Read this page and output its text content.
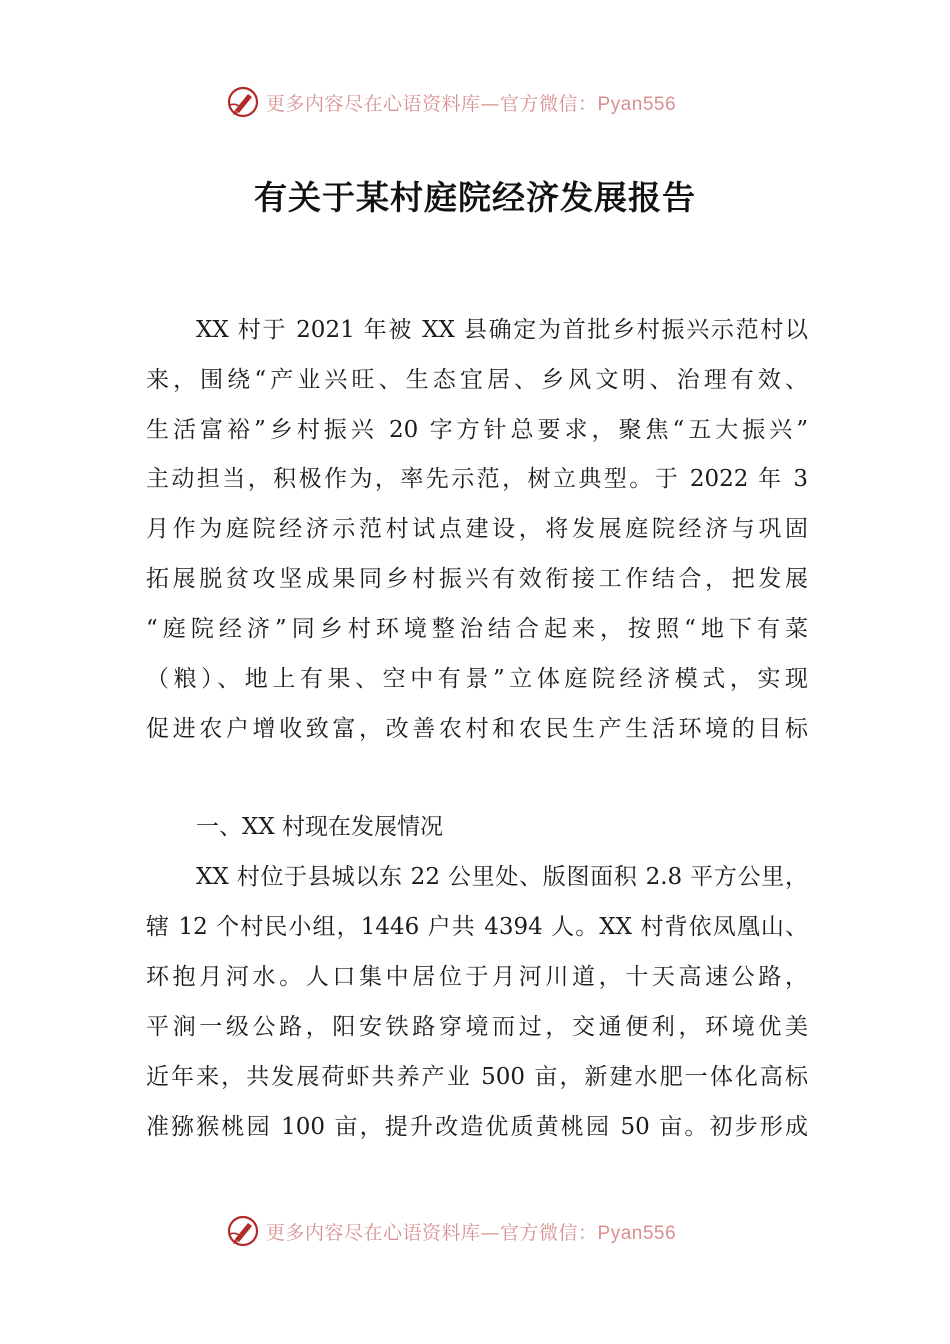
更多内容尽在心语资料库—官方微信：Pyan556
有关于某村庭院经济发展报告
XX 村于 2021 年被 XX 县确定为首批乡村振兴示范村以
来，围绕“产业兴旺、生态宜居、乡风文明、治理有效、
生活富裕”乡村振兴 20 字方针总要求，聚焦“五大振兴”
主动担当，积极作为，率先示范，树立典型。于 2022 年 3
月作为庭院经济示范村试点建设，将发展庭院经济与巩固
拓展脱贫攻坚成果同乡村振兴有效衔接工作结合，把发展
“庭院经济”同乡村环境整治结合起来，按照“地下有菜
（粮）、地上有果、空中有景”立体庭院经济模式，实现
促进农户增收致富，改善农村和农民生产生活环境的目标
一、XX 村现在发展情况
XX 村位于县城以东 22 公里处、版图面积 2.8 平方公里，
辖 12 个村民小组，1446 户共 4394 人。XX 村背依凤凰山、
环抱月河水。人口集中居位于月河川道，十天高速公路，
平涧一级公路，阳安铁路穿境而过，交通便利，环境优美
近年来，共发展荷虾共养产业 500 亩，新建水肥一体化高标
准猕猴桃园 100 亩，提升改造优质黄桃园 50 亩。初步形成
更多内容尽在心语资料库—官方微信：Pyan556
